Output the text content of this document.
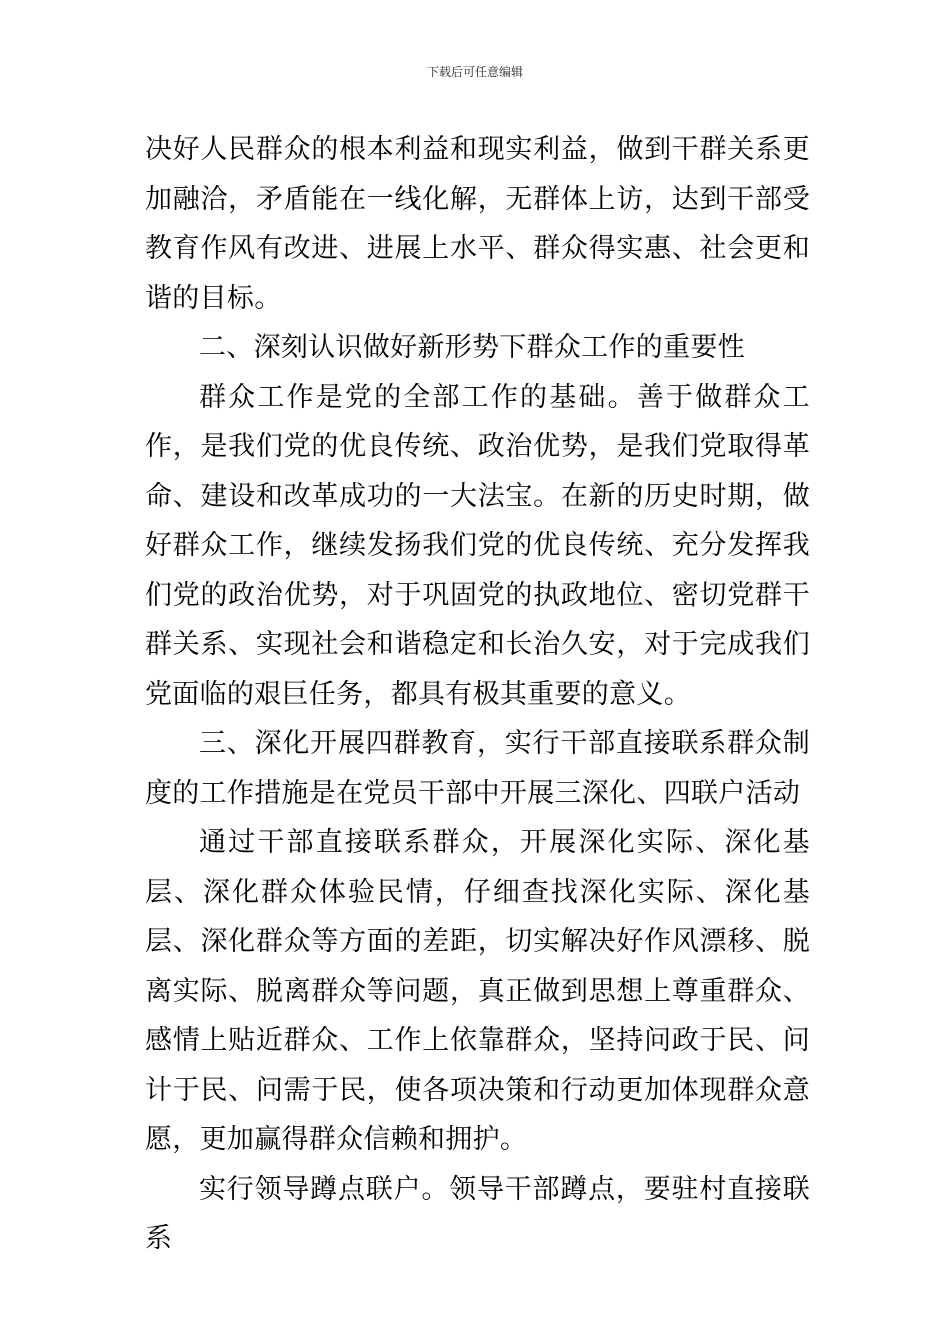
下载后可任意编辑

决好人民群众的根本利益和现实利益，做到干群关系更加融洽，矛盾能在一线化解，无群体上访，达到干部受教育作风有改进、进展上水平、群众得实惠、社会更和谐的目标。

二、深刻认识做好新形势下群众工作的重要性

群众工作是党的全部工作的基础。善于做群众工作，是我们党的优良传统、政治优势，是我们党取得革命、建设和改革成功的一大法宝。在新的历史时期，做好群众工作，继续发扬我们党的优良传统、充分发挥我们党的政治优势，对于巩固党的执政地位、密切党群干群关系、实现社会和谐稳定和长治久安，对于完成我们党面临的艰巨任务，都具有极其重要的意义。

三、深化开展四群教育，实行干部直接联系群众制度的工作措施是在党员干部中开展三深化、四联户活动

通过干部直接联系群众，开展深化实际、深化基层、深化群众体验民情，仔细查找深化实际、深化基层、深化群众等方面的差距，切实解决好作风漂移、脱离实际、脱离群众等问题，真正做到思想上尊重群众、感情上贴近群众、工作上依靠群众，坚持问政于民、问计于民、问需于民，使各项决策和行动更加体现群众意愿，更加赢得群众信赖和拥护。

实行领导蹲点联户。领导干部蹲点，要驻村直接联系
